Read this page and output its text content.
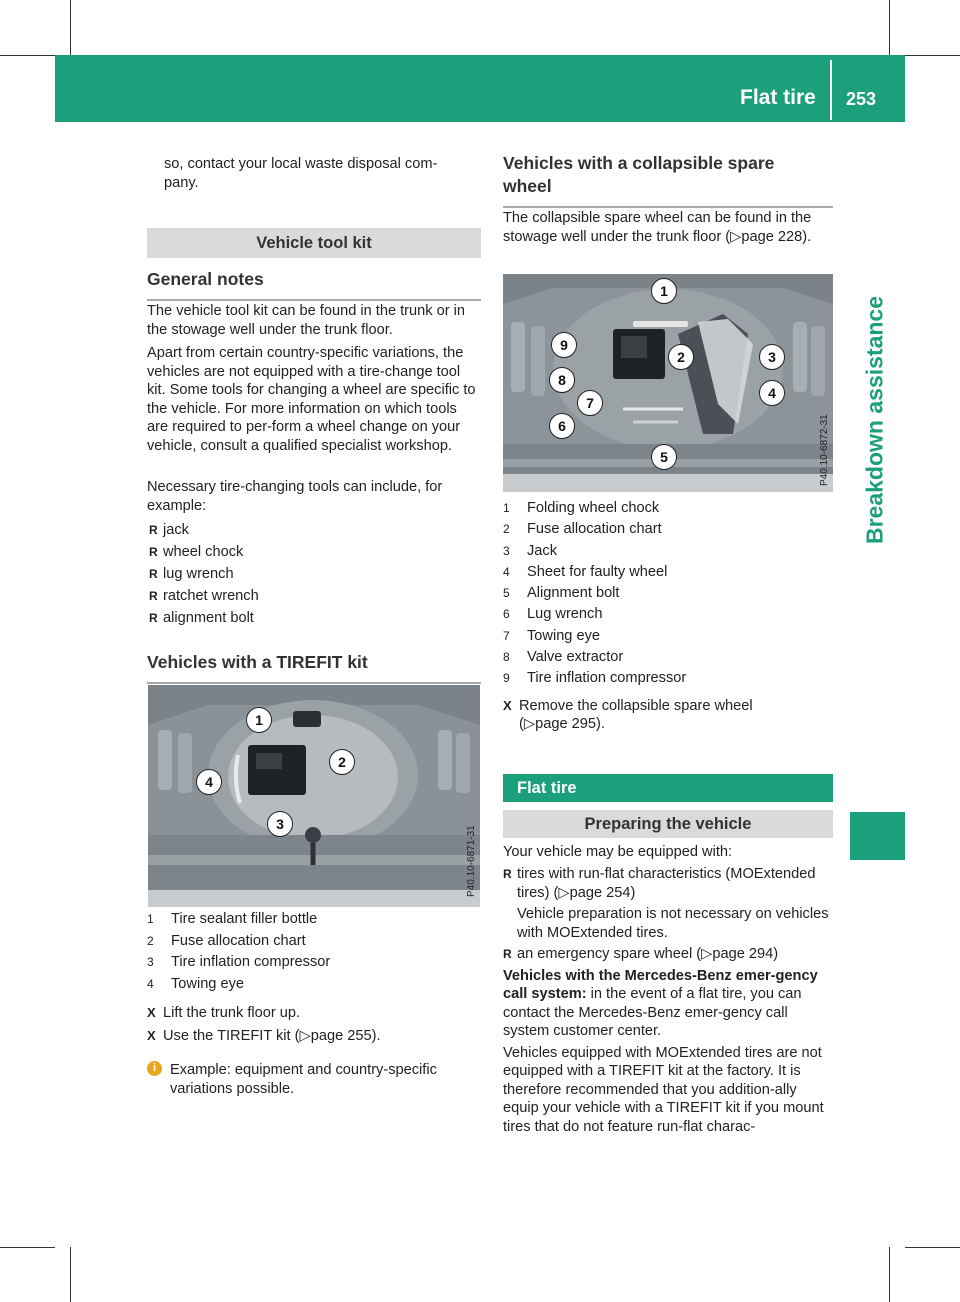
Flat tire 253
Breakdown assistance

so, contact your local waste disposal com-
pany.

Vehicle tool kit
General notes

The vehicle tool kit can be found in the trunk or in the stowage well under the trunk floor.

Apart from certain country-specific variations, the vehicles are not equipped with a tire-change tool kit. Some tools for changing a wheel are specific to the vehicle. For more information on which tools are required to per-form a wheel change on your vehicle, consult a qualified specialist workshop.

Necessary tire-changing tools can include, for example:

R jack
R wheel chock
R lug wrench
R ratchet wrench
R alignment bolt
Vehicles with a TIREFIT kit
1
2
3
4
P40.10-6871-31
1	Tire sealant filler bottle
2	Fuse allocation chart
3	Tire inflation compressor
4	Towing eye
X Lift the trunk floor up.
X Use the TIREFIT kit (▷page 255).
i Example: equipment and country-specific variations possible.
Vehicles with a collapsible spare
wheel

The collapsible spare wheel can be found in the stowage well under the trunk floor (▷page 228).

1
2	3
4
5
6
7
8
9
P40.10-6872-31
1	Folding wheel chock
2	Fuse allocation chart
3	Jack
4	Sheet for faulty wheel
5	Alignment bolt
6	Lug wrench
7	Towing eye
8	Valve extractor
9	Tire inflation compressor
X Remove the collapsible spare wheel (▷page 295).
Flat tire
Preparing the vehicle

Your vehicle may be equipped with:

R tires with run-flat characteristics (MOExtended tires) (▷page 254)

Vehicle preparation is not necessary on vehicles with MOExtended tires.

R an emergency spare wheel (▷page 294)

Vehicles with the Mercedes-Benz emer-gency call system: in the event of a flat tire, you can contact the Mercedes-Benz emer-gency call system customer center.

Vehicles equipped with MOExtended tires are not equipped with a TIREFIT kit at the factory. It is therefore recommended that you addition-ally equip your vehicle with a TIREFIT kit if you mount tires that do not feature run-flat charac-
